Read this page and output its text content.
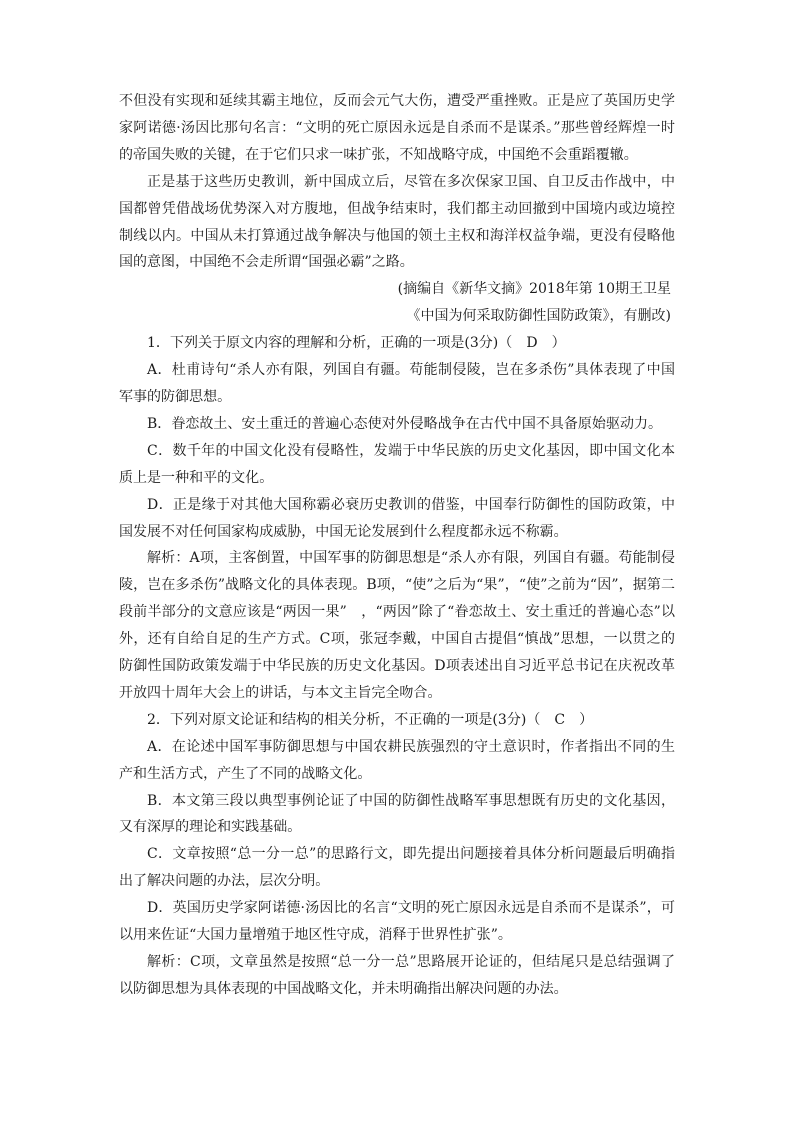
不但没有实现和延续其霸主地位，反而会元气大伤，遭受严重挫败。正是应了英国历史学家阿诺德·汤因比那句名言：“文明的死亡原因永远是自杀而不是谋杀。”那些曾经辉煌一时的帝国失败的关键，在于它们只求一味扩张，不知战略守成，中国绝不会重蹈覆辙。

正是基于这些历史教训，新中国成立后，尽管在多次保家卫国、自卫反击作战中，中国都曾凭借战场优势深入对方腹地，但战争结束时，我们都主动回撤到中国境内或边境控制线以内。中国从未打算通过战争解决与他国的领土主权和海洋权益争端，更没有侵略他国的意图，中国绝不会走所谓“国强必霸”之路。

(摘编自《新华文摘》2018年第 10期王卫星

《中国为何采取防御性国防政策》，有删改)

1．下列关于原文内容的理解和分析，正确的一项是(3分)（　D　）

A．杜甫诗句“杀人亦有限，列国自有疆。苟能制侵陵，岂在多杀伤”具体表现了中国军事的防御思想。

B．眷恋故土、安土重迁的普遍心态使对外侵略战争在古代中国不具备原始驱动力。

C．数千年的中国文化没有侵略性，发端于中华民族的历史文化基因，即中国文化本质上是一种和平的文化。

D．正是缘于对其他大国称霸必衰历史教训的借鉴，中国奉行防御性的国防政策，中国发展不对任何国家构成威胁，中国无论发展到什么程度都永远不称霸。

解析：A项，主客倒置，中国军事的防御思想是“杀人亦有限，列国自有疆。苟能制侵陵，岂在多杀伤”战略文化的具体表现。B项，“使”之后为“果”，“使”之前为“因”，据第二段前半部分的文意应该是“两因一果”　，“两因”除了“眷恋故土、安土重迁的普遍心态”以外，还有自给自足的生产方式。C项，张冠李戴，中国自古提倡“慎战”思想，一以贯之的防御性国防政策发端于中华民族的历史文化基因。D项表述出自习近平总书记在庆祝改革开放四十周年大会上的讲话，与本文主旨完全吻合。

2．下列对原文论证和结构的相关分析，不正确的一项是(3分)（　C　）

A．在论述中国军事防御思想与中国农耕民族强烈的守土意识时，作者指出不同的生产和生活方式，产生了不同的战略文化。

B．本文第三段以典型事例论证了中国的防御性战略军事思想既有历史的文化基因，又有深厚的理论和实践基础。

C．文章按照“总一分一总”的思路行文，即先提出问题接着具体分析问题最后明确指出了解决问题的办法，层次分明。

D．英国历史学家阿诺德·汤因比的名言“文明的死亡原因永远是自杀而不是谋杀”，可以用来佐证“大国力量增殖于地区性守成，消释于世界性扩张”。

解析：C项，文章虽然是按照“总一分一总”思路展开论证的，但结尾只是总结强调了以防御思想为具体表现的中国战略文化，并未明确指出解决问题的办法。
